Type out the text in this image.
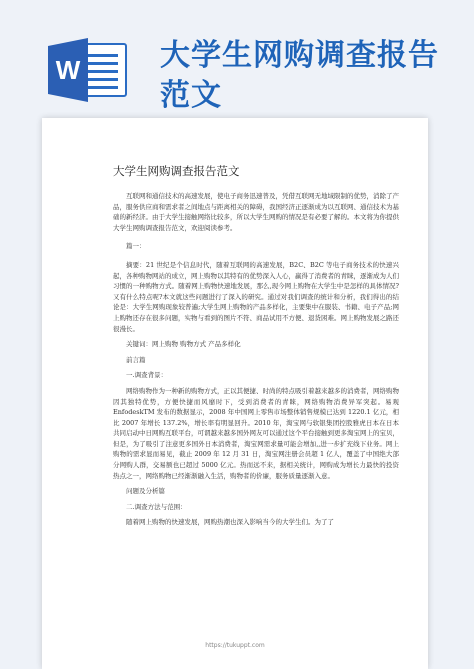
W	大学生网购调查报告范文
大学生网购调查报告范文

互联网和通信技术的高速发展，使电子商务迅速普及，凭借互联网无地域限制的优势，消除了产品，服务供应商和需求者之间地点与距离相关的障碍，我国经济正逐渐成为以互联网、通信技术为基础的新经济。由于大学生接触网络比较多，所以大学生网购的情况是有必要了解的。本文将为你提供大学生网购调查报告范文，欢迎阅读参考。

篇一：

摘要：21 世纪是个信息时代，随着互联网的高速发展，B2C、B2C 等电子商务技术的快速兴起，各种购物网站的成立，网上购物以其特有的优势深入人心，赢得了消费者的青睐，逐渐成为人们习惯的一种购物方式。随着网上购物快速地发展，那么,现今网上购物在大学生中是怎样的具体情况?又有什么特点呢?本文就这些问题进行了深入的研究。通过对我们调查的统计和分析，我们得出的结论是：大学生网购现象较普遍;大学生网上购物的产品多样化，主要集中在服装、书籍、电子产品;网上购物还存在很多问题，实物与看到的图片不符、商品试用不方便、退货困难。网上购物发展之路还很漫长。

关键词：网上购物 购物方式 产品多样化

前言篇

一.调查背景：

网络购物作为一种新的购物方式，正以其便捷、时尚的特点吸引着越来越多的消费者，网络购物因其独特优势，方便快捷而风靡时下，受到消费者的青睐，网络购物消费异军突起。易观 EnfodeskTM 发布的数据显示，2008 年中国网上零售市场整体销售规模已达到 1220.1 亿元，相比 2007 年增长 137.2%，增长率有明显回升。2010 年，淘宝网与软银集团控股雅虎日本在日本共同启动中日网购互联平台，可谓越来越多国外网友可以通过这个平台接触到更多淘宝网上的宝贝，但是，为了吸引了注意更多国外日本消费者，淘宝网需求量可能会增加,,进一步扩充线下业务。网上购物的需求显而易见，截止 2009 年 12 月 31 日，淘宝网注册会员超 1 亿人，覆盖了中国绝大部分网购人群，交易额也已超过 5000 亿元。热而远不来，据相关统计，网购成为增长力最快的投资热点之一，网络购物已经渐渐融入生活，购物者的价廉，服务质量逐渐入意。

问题及分析篇

二.调查方法与范围：

随着网上购物的快速发展，网购热潮也深入影响当今的大学生们。为了了

https://tukuppt.com
